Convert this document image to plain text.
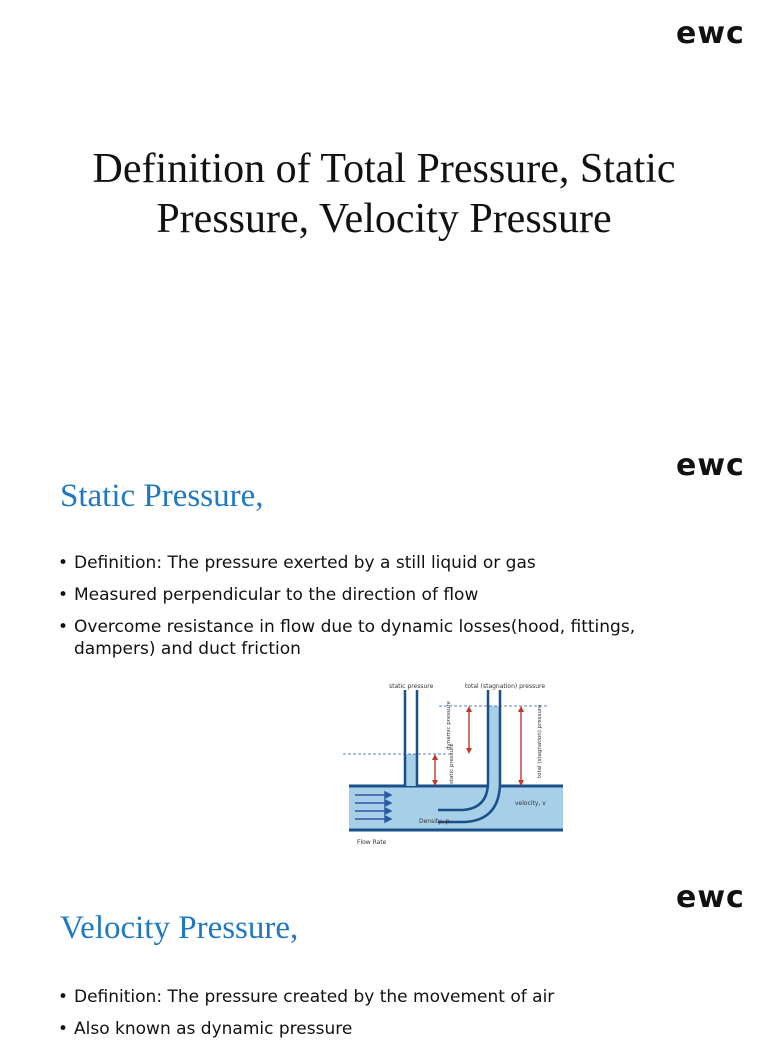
ewc
Definition of Total Pressure, Static Pressure, Velocity Pressure
ewc
Static Pressure,
• Definition: The pressure exerted by a still liquid or gas
• Measured perpendicular to the direction of flow
• Overcome resistance in flow due to dynamic losses(hood, fittings, dampers) and duct friction
static pressure	total (stagnation) pressure
dynamic pressure
static pressure	total (stagnation) pressure
velocity, v
Density, p
Flow Rate
ewc
Velocity Pressure,
• Definition: The pressure created by the movement of air
• Also known as dynamic pressure
